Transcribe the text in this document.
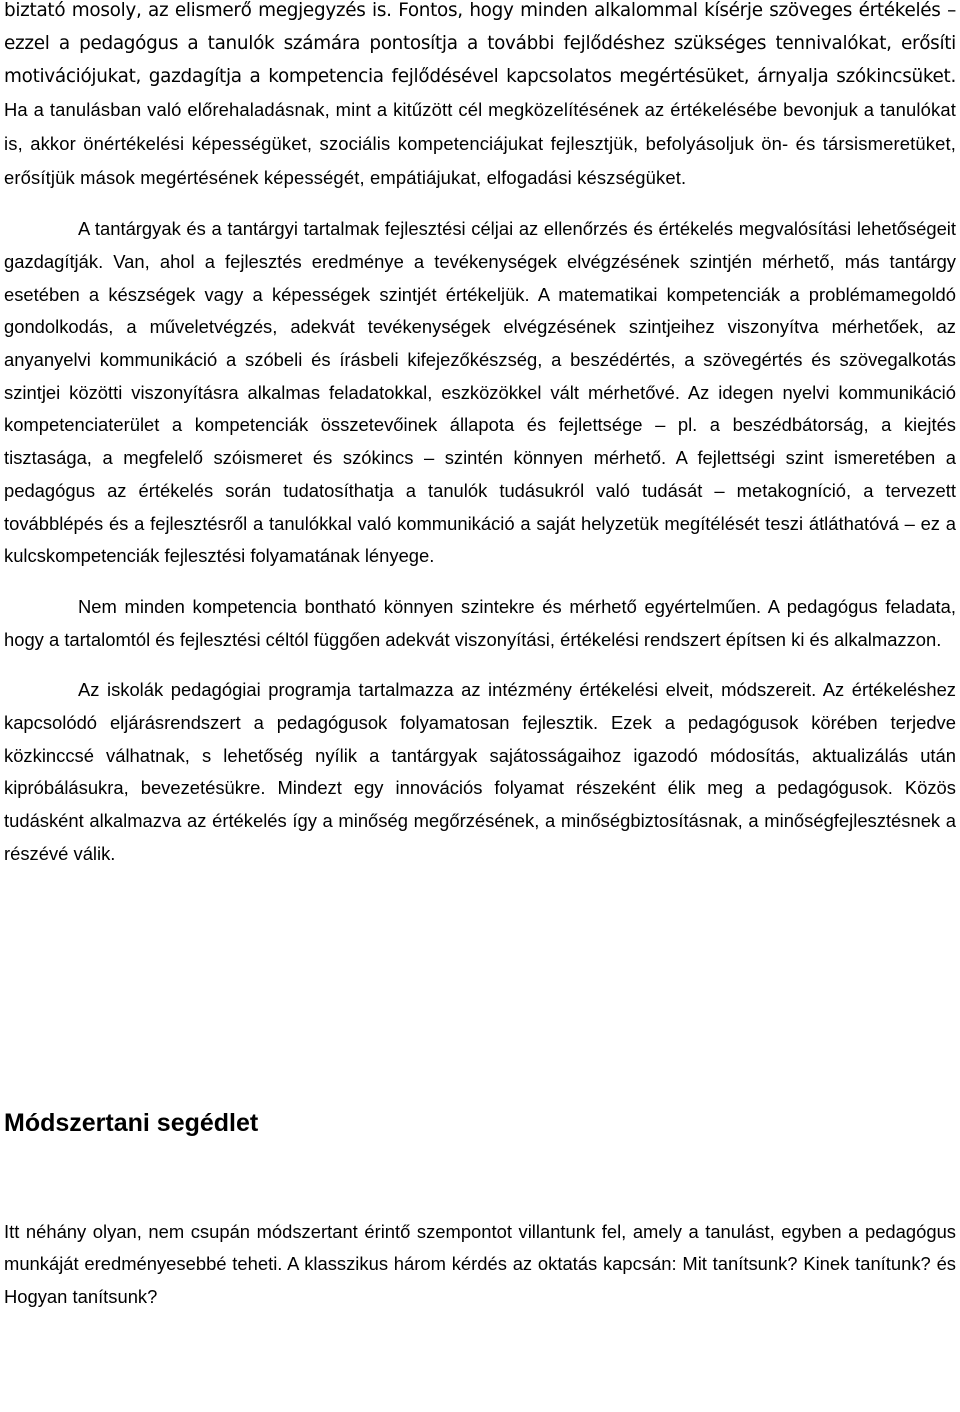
biztató mosoly, az elismerő megjegyzés is. Fontos, hogy minden alkalommal kísérje szöveges értékelés – ezzel a pedagógus a tanulók számára pontosítja a további fejlődéshez szükséges tennivalókat, erősíti motivációjukat, gazdagítja a kompetencia fejlődésével kapcsolatos megértésüket, árnyalja szókincsüket. Ha a tanulásban való előrehaladásnak, mint a kitűzött cél megközelítésének az értékelésébe bevonjuk a tanulókat is, akkor önértékelési képességüket, szociális kompetenciájukat fejlesztjük, befolyásoljuk ön- és társismeretüket, erősítjük mások megértésének képességét, empátiájukat, elfogadási készségüket.

A tantárgyak és a tantárgyi tartalmak fejlesztési céljai az ellenőrzés és értékelés megvalósítási lehetőségeit gazdagítják. Van, ahol a fejlesztés eredménye a tevékenységek elvégzésének szintjén mérhető, más tantárgy esetében a készségek vagy a képességek szintjét értékeljük. A matematikai kompetenciák a problémamegoldó gondolkodás, a műveletvégzés, adekvát tevékenységek elvégzésének szintjeihez viszonyítva mérhetőek, az anyanyelvi kommunikáció a szóbeli és írásbeli kifejezőkészség, a beszédértés, a szövegértés és szövegalkotás szintjei közötti viszonyításra alkalmas feladatokkal, eszközökkel vált mérhetővé. Az idegen nyelvi kommunikáció kompetenciaterület a kompetenciák összetevőinek állapota és fejlettsége – pl. a beszédbátorság, a kiejtés tisztasága, a megfelelő szóismeret és szókincs – szintén könnyen mérhető. A fejlettségi szint ismeretében a pedagógus az értékelés során tudatosíthatja a tanulók tudásukról való tudását – metakogníció, a tervezett továbblépés és a fejlesztésről a tanulókkal való kommunikáció a saját helyzetük megítélését teszi átláthatóvá – ez a kulcskompetenciák fejlesztési folyamatának lényege.

Nem minden kompetencia bontható könnyen szintekre és mérhető egyértelműen. A pedagógus feladata, hogy a tartalomtól és fejlesztési céltól függően adekvát viszonyítási, értékelési rendszert építsen ki és alkalmazzon.

Az iskolák pedagógiai programja tartalmazza az intézmény értékelési elveit, módszereit. Az értékeléshez kapcsolódó eljárásrendszert a pedagógusok folyamatosan fejlesztik. Ezek a pedagógusok körében terjedve közkinccsé válhatnak, s lehetőség nyílik a tantárgyak sajátosságaihoz igazodó módosítás, aktualizálás után kipróbálásukra, bevezetésükre. Mindezt egy innovációs folyamat részeként élik meg a pedagógusok. Közös tudásként alkalmazva az értékelés így a minőség megőrzésének, a minőségbiztosításnak, a minőségfejlesztésnek a részévé válik.

Módszertani segédlet

Itt néhány olyan, nem csupán módszertant érintő szempontot villantunk fel, amely a tanulást, egyben a pedagógus munkáját eredményesebbé teheti. A klasszikus három kérdés az oktatás kapcsán: Mit tanítsunk? Kinek tanítunk? és Hogyan tanítsunk?
